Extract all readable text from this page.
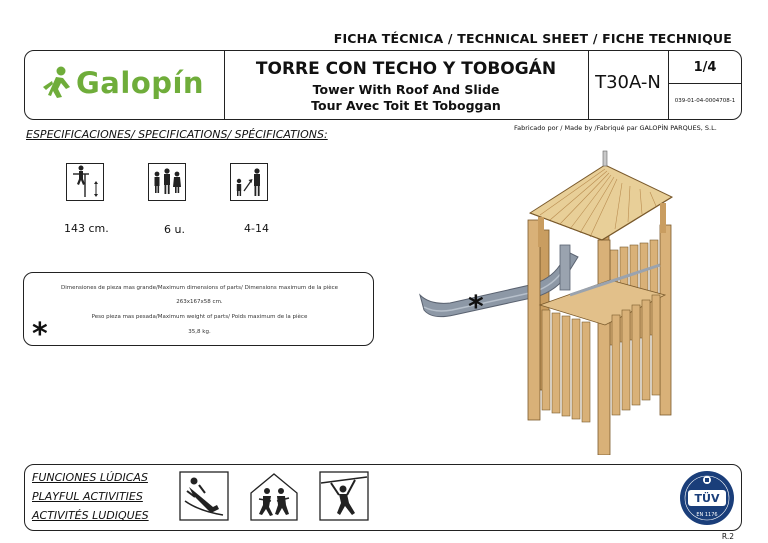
FICHA TÉCNICA / TECHNICAL SHEET / FICHE TECHNIQUE
Galopín	TORRE CON TECHO Y TOBOGÁN
Tower With Roof And Slide
Tour Avec Toit Et Toboggan
T30A-N
1/4
039-01-04-0004708-1
Fabricado por / Made by /Fabriqué par GALOPÍN PARQUES, S.L.
ESPECIFICACIONES/ SPECIFICATIONS/ SPÉCIFICATIONS:
143 cm.	6 u.	4-14
Dimensiones de pieza mas grande/Maximum dimensions of parts/ Dimensions maximum de la pièce
263x167x58 cm.
Peso pieza mas pesada/Maximum weight of parts/ Poids maximum de la pièce
35,8 kg.
*
*
FUNCIONES LÚDICAS
PLAYFUL ACTIVITIES
ACTIVITÉS LUDIQUES
TÜV
EN 1176
R.2
